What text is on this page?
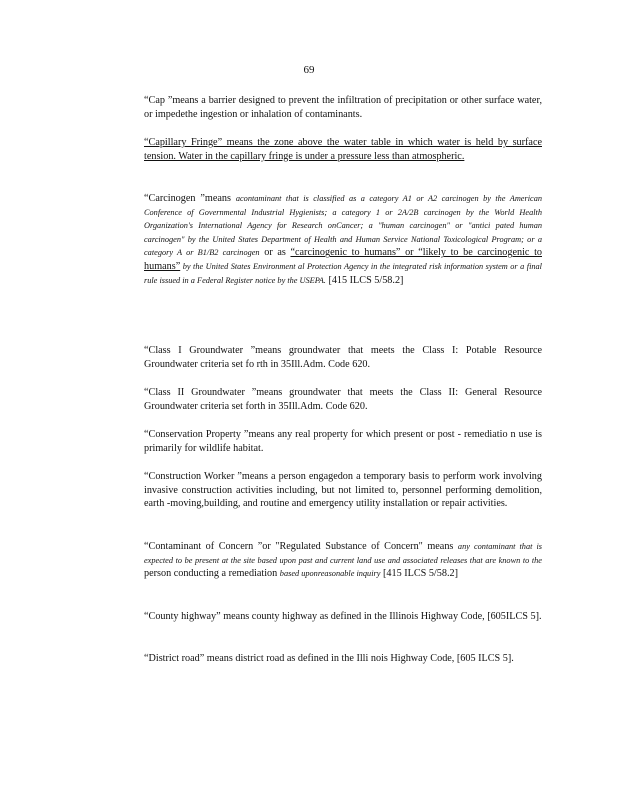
69

“Cap ”means a barrier designed to prevent the infiltration of precipitation or other surface water, or impedethe ingestion or inhalation of contaminants.

“Capillary Fringe” means the zone above the water table in which water is held by surface tension. Water in the capillary fringe is under a pressure less than atmospheric.

“Carcinogen ”means acontaminant that is classified as a category A1 or A2 carcinogen by the American Conference of Governmental Industrial Hygienists; a category 1 or 2A/2B carcinogen by the World Health Organization's International Agency for Research onCancer; a "human carcinogen" or "antici pated human carcinogen" by the United States Department of Health and Human Service National Toxicological Program; or a category A or B1/B2 carcinogen or as “carcinogenic to humans” or “likely to be carcinogenic to humans” by the United States Environment al Protection Agency in the integrated risk information system or a final rule issued in a Federal Register notice by the USEPA. [415 ILCS 5/58.2]

“Class I Groundwater ”means groundwater that meets the Class I: Potable Resource Groundwater criteria set fo rth in 35Ill.Adm. Code 620.

“Class II Groundwater ”means groundwater that meets the Class II: General Resource Groundwater criteria set forth in 35Ill.Adm. Code 620.

“Conservation Property ”means any real property for which present or post - remediatio n use is primarily for wildlife habitat.

“Construction Worker ”means a person engagedon a temporary basis to perform work involving invasive construction activities including, but not limited to, personnel performing demolition, earth -moving,building, and routine and emergency utility installation or repair activities.

“Contaminant of Concern ”or "Regulated Substance of Concern" means any contaminant that is expected to be present at the site based upon past and current land use and associated releases that are known to the person conducting a remediation based uponreasonable inquiry [415 ILCS 5/58.2]

“County highway” means county highway as defined in the Illinois Highway Code, [605ILCS 5].

“District road” means district road as defined in the Illi nois Highway Code, [605 ILCS 5].
